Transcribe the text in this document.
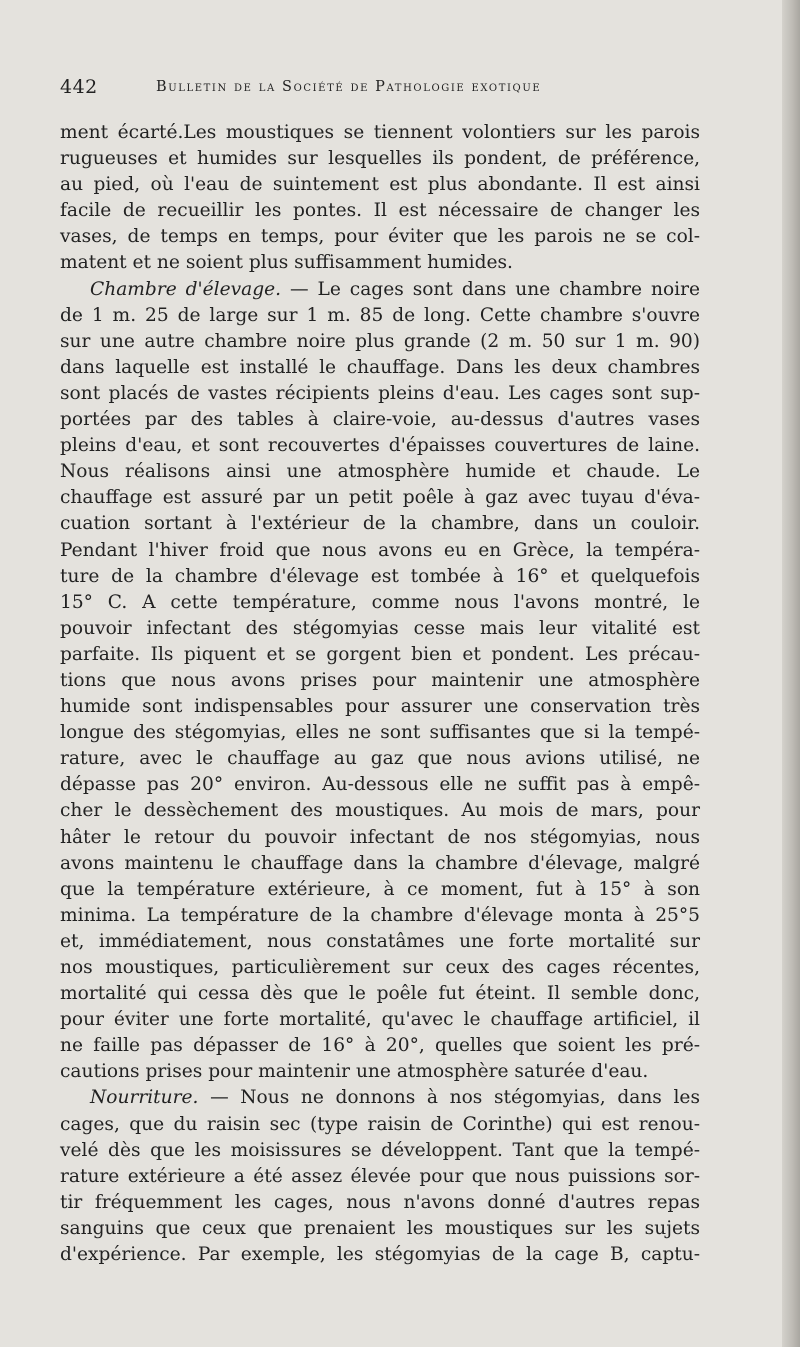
442	Bulletin de la Société de Pathologie exotique
ment écarté.Les moustiques se tiennent volontiers sur les parois
rugueuses et humides sur lesquelles ils pondent, de préférence,
au pied, où l'eau de suintement est plus abondante. Il est ainsi
facile de recueillir les pontes. Il est nécessaire de changer les
vases, de temps en temps, pour éviter que les parois ne se col-
matent et ne soient plus suffisamment humides.
Chambre d'élevage. — Le cages sont dans une chambre noire
de 1 m. 25 de large sur 1 m. 85 de long. Cette chambre s'ouvre
sur une autre chambre noire plus grande (2 m. 50 sur 1 m. 90)
dans laquelle est installé le chauffage. Dans les deux chambres
sont placés de vastes récipients pleins d'eau. Les cages sont sup-
portées par des tables à claire-voie, au-dessus d'autres vases
pleins d'eau, et sont recouvertes d'épaisses couvertures de laine.
Nous réalisons ainsi une atmosphère humide et chaude. Le
chauffage est assuré par un petit poêle à gaz avec tuyau d'éva-
cuation sortant à l'extérieur de la chambre, dans un couloir.
Pendant l'hiver froid que nous avons eu en Grèce, la tempéra-
ture de la chambre d'élevage est tombée à 16° et quelquefois
15° C. A cette température, comme nous l'avons montré, le
pouvoir infectant des stégomyias cesse mais leur vitalité est
parfaite. Ils piquent et se gorgent bien et pondent. Les précau-
tions que nous avons prises pour maintenir une atmosphère
humide sont indispensables pour assurer une conservation très
longue des stégomyias, elles ne sont suffisantes que si la tempé-
rature, avec le chauffage au gaz que nous avions utilisé, ne
dépasse pas 20° environ. Au-dessous elle ne suffit pas à empê-
cher le dessèchement des moustiques. Au mois de mars, pour
hâter le retour du pouvoir infectant de nos stégomyias, nous
avons maintenu le chauffage dans la chambre d'élevage, malgré
que la température extérieure, à ce moment, fut à 15° à son
minima. La température de la chambre d'élevage monta à 25°5
et, immédiatement, nous constatâmes une forte mortalité sur
nos moustiques, particulièrement sur ceux des cages récentes,
mortalité qui cessa dès que le poêle fut éteint. Il semble donc,
pour éviter une forte mortalité, qu'avec le chauffage artificiel, il
ne faille pas dépasser de 16° à 20°, quelles que soient les pré-
cautions prises pour maintenir une atmosphère saturée d'eau.
Nourriture. — Nous ne donnons à nos stégomyias, dans les
cages, que du raisin sec (type raisin de Corinthe) qui est renou-
velé dès que les moisissures se développent. Tant que la tempé-
rature extérieure a été assez élevée pour que nous puissions sor-
tir fréquemment les cages, nous n'avons donné d'autres repas
sanguins que ceux que prenaient les moustiques sur les sujets
d'expérience. Par exemple, les stégomyias de la cage B, captu-
